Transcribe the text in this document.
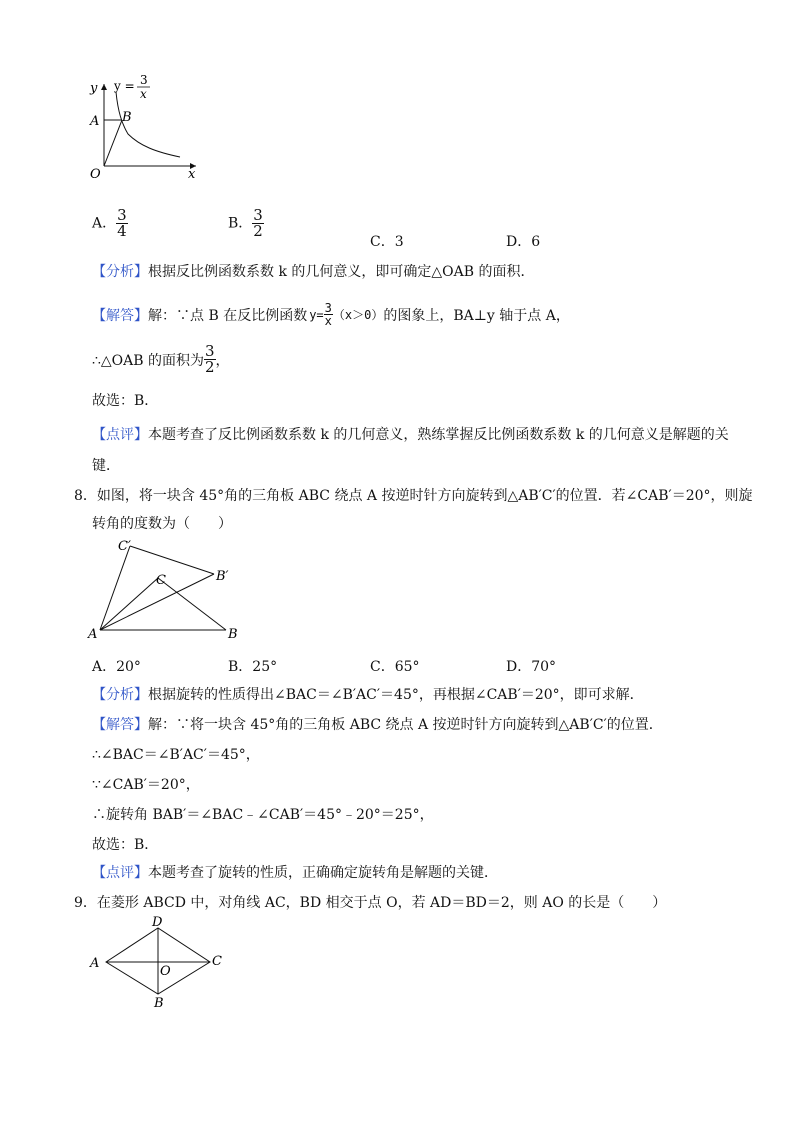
y
x
O
A B
y = 3
x
A． $\frac{3}{4}$	B． $\frac{3}{2}$
C．3	D．6
【分析】根据反比例函数系数 k 的几何意义，即可确定△OAB 的面积．
【解答】 解：∵点 B 在反比例函数 $y= \frac{3}{x} (x>0)$ 的图象上，BA⊥y 轴于点 A，
∴△OAB 的面积为 $\frac{3}{2}$ ，
故选：B．
【点评】本题考查了反比例函数系数 k 的几何意义，熟练掌握反比例函数系数 k 的几何意义是解题的关
键．
8．如图，将一块含 45°角的三角板 ABC 绕点 A 按逆时针方向旋转到△AB′C′的位置．若∠CAB′＝20°，则旋
转角的度数为（　　）
C′
C	B′
A	B
A．20°	B．25°	C．65°	D．70°
【分析】根据旋转的性质得出∠BAC＝∠B′AC′＝45°，再根据∠CAB′＝20°，即可求解．
【解答】解：∵将一块含 45°角的三角板 ABC 绕点 A 按逆时针方向旋转到△AB′C′的位置．
∴∠BAC＝∠B′AC′＝45°，
∵∠CAB′＝20°，
∴旋转角 BAB′＝∠BAC﹣∠CAB′＝45°﹣20°＝25°，
故选：B．
【点评】本题考查了旋转的性质，正确确定旋转角是解题的关键．
9．在菱形 ABCD 中，对角线 AC，BD 相交于点 O，若 AD＝BD＝2，则 AO 的长是（　　）
D
A
O
C
B
